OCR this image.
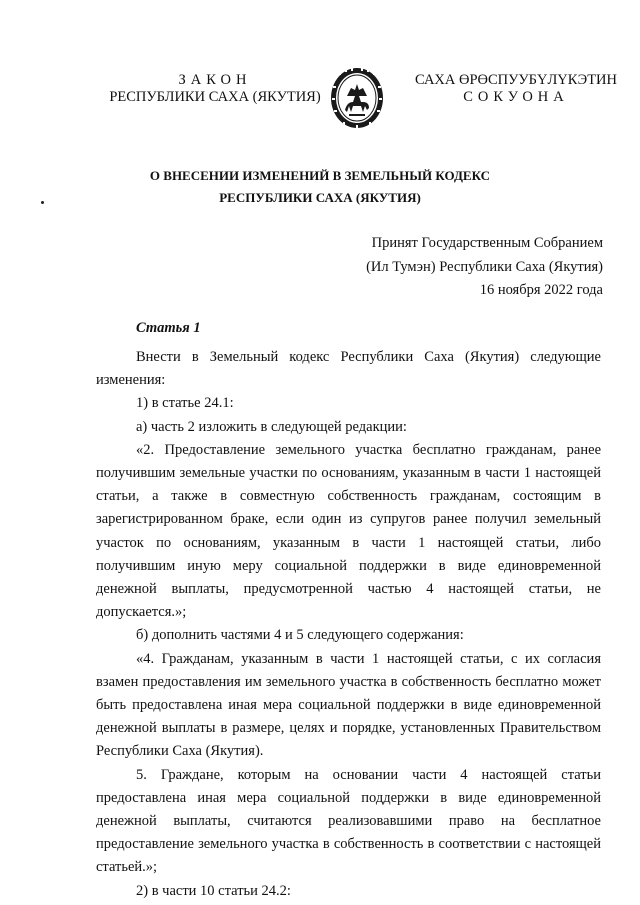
ЗАКОН
РЕСПУБЛИКИ САХА (ЯКУТИЯ)
САХА ӨРӨСПУУБҮЛҮКЭТИН
СОКУОНА
О ВНЕСЕНИИ ИЗМЕНЕНИЙ В ЗЕМЕЛЬНЫЙ КОДЕКС
РЕСПУБЛИКИ САХА (ЯКУТИЯ)
Принят Государственным Собранием
(Ил Тумэн) Республики Саха (Якутия)
16 ноября 2022 года
Статья 1

Внести в Земельный кодекс Республики Саха (Якутия) следующие изменения:

1) в статье 24.1:

а) часть 2 изложить в следующей редакции:

«2. Предоставление земельного участка бесплатно гражданам, ранее получившим земельные участки по основаниям, указанным в части 1 настоящей статьи, а также в совместную собственность гражданам, состоящим в зарегистрированном браке, если один из супругов ранее получил земельный участок по основаниям, указанным в части 1 настоящей статьи, либо получившим иную меру социальной поддержки в виде единовременной денежной выплаты, предусмотренной частью 4 настоящей статьи, не допускается.»;

б) дополнить частями 4 и 5 следующего содержания:

«4. Гражданам, указанным в части 1 настоящей статьи, с их согласия взамен предоставления им земельного участка в собственность бесплатно может быть предоставлена иная мера социальной поддержки в виде единовременной денежной выплаты в размере, целях и порядке, установленных Правительством Республики Саха (Якутия).

5. Граждане, которым на основании части 4 настоящей статьи предоставлена иная мера социальной поддержки в виде единовременной денежной выплаты, считаются реализовавшими право на бесплатное предоставление земельного участка в собственность в соответствии с настоящей статьей.»;

2) в части 10 статьи 24.2:
